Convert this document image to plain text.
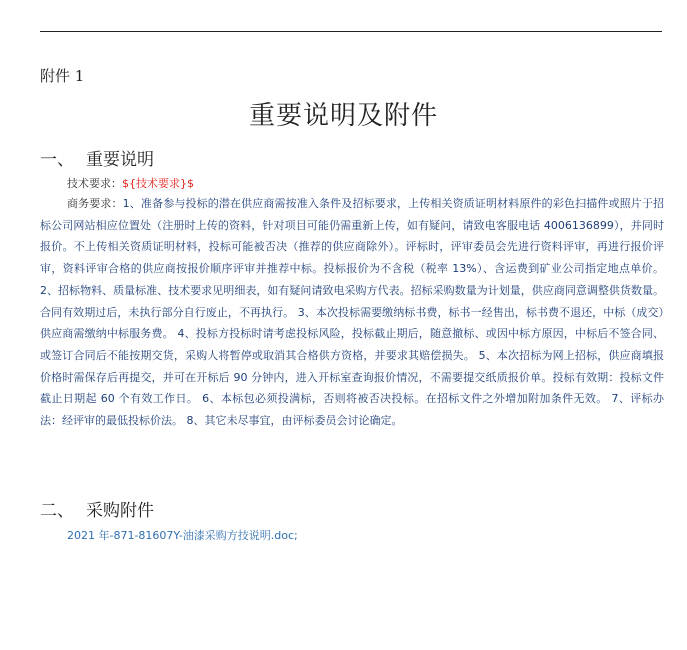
附件 1
重要说明及附件
一、 重要说明
技术要求：${技术要求}$

商务要求：1、准备参与投标的潜在供应商需按准入条件及招标要求，上传相关资质证明材料原件的彩色扫描件或照片于招标公司网站相应位置处（注册时上传的资料，针对项目可能仍需重新上传，如有疑问，请致电客服电话 4006136899），并同时报价。不上传相关资质证明材料，投标可能被否决（推荐的供应商除外）。评标时，评审委员会先进行资料评审，再进行报价评审，资料评审合格的供应商按报价顺序评审并推荐中标。投标报价为不含税（税率 13%）、含运费到矿业公司指定地点单价。 2、招标物料、质量标准、技术要求见明细表，如有疑问请致电采购方代表。招标采购数量为计划量，供应商同意调整供货数量。合同有效期过后，未执行部分自行废止，不再执行。 3、本次投标需要缴纳标书费，标书一经售出，标书费不退还，中标（成交）供应商需缴纳中标服务费。 4、投标方投标时请考虑投标风险，投标截止期后，随意撤标、或因中标方原因，中标后不签合同、或签订合同后不能按期交货，采购人将暂停或取消其合格供方资格，并要求其赔偿损失。 5、本次招标为网上招标，供应商填报价格时需保存后再提交，并可在开标后 90 分钟内，进入开标室查询报价情况，不需要提交纸质报价单。投标有效期：投标文件截止日期起 60 个有效工作日。 6、本标包必须投满标，否则将被否决投标。在招标文件之外增加附加条件无效。 7、评标办法：经评审的最低投标价法。 8、其它未尽事宜，由评标委员会讨论确定。

二、 采购附件
2021 年-871-81607Y-油漆采购方技说明.doc;
